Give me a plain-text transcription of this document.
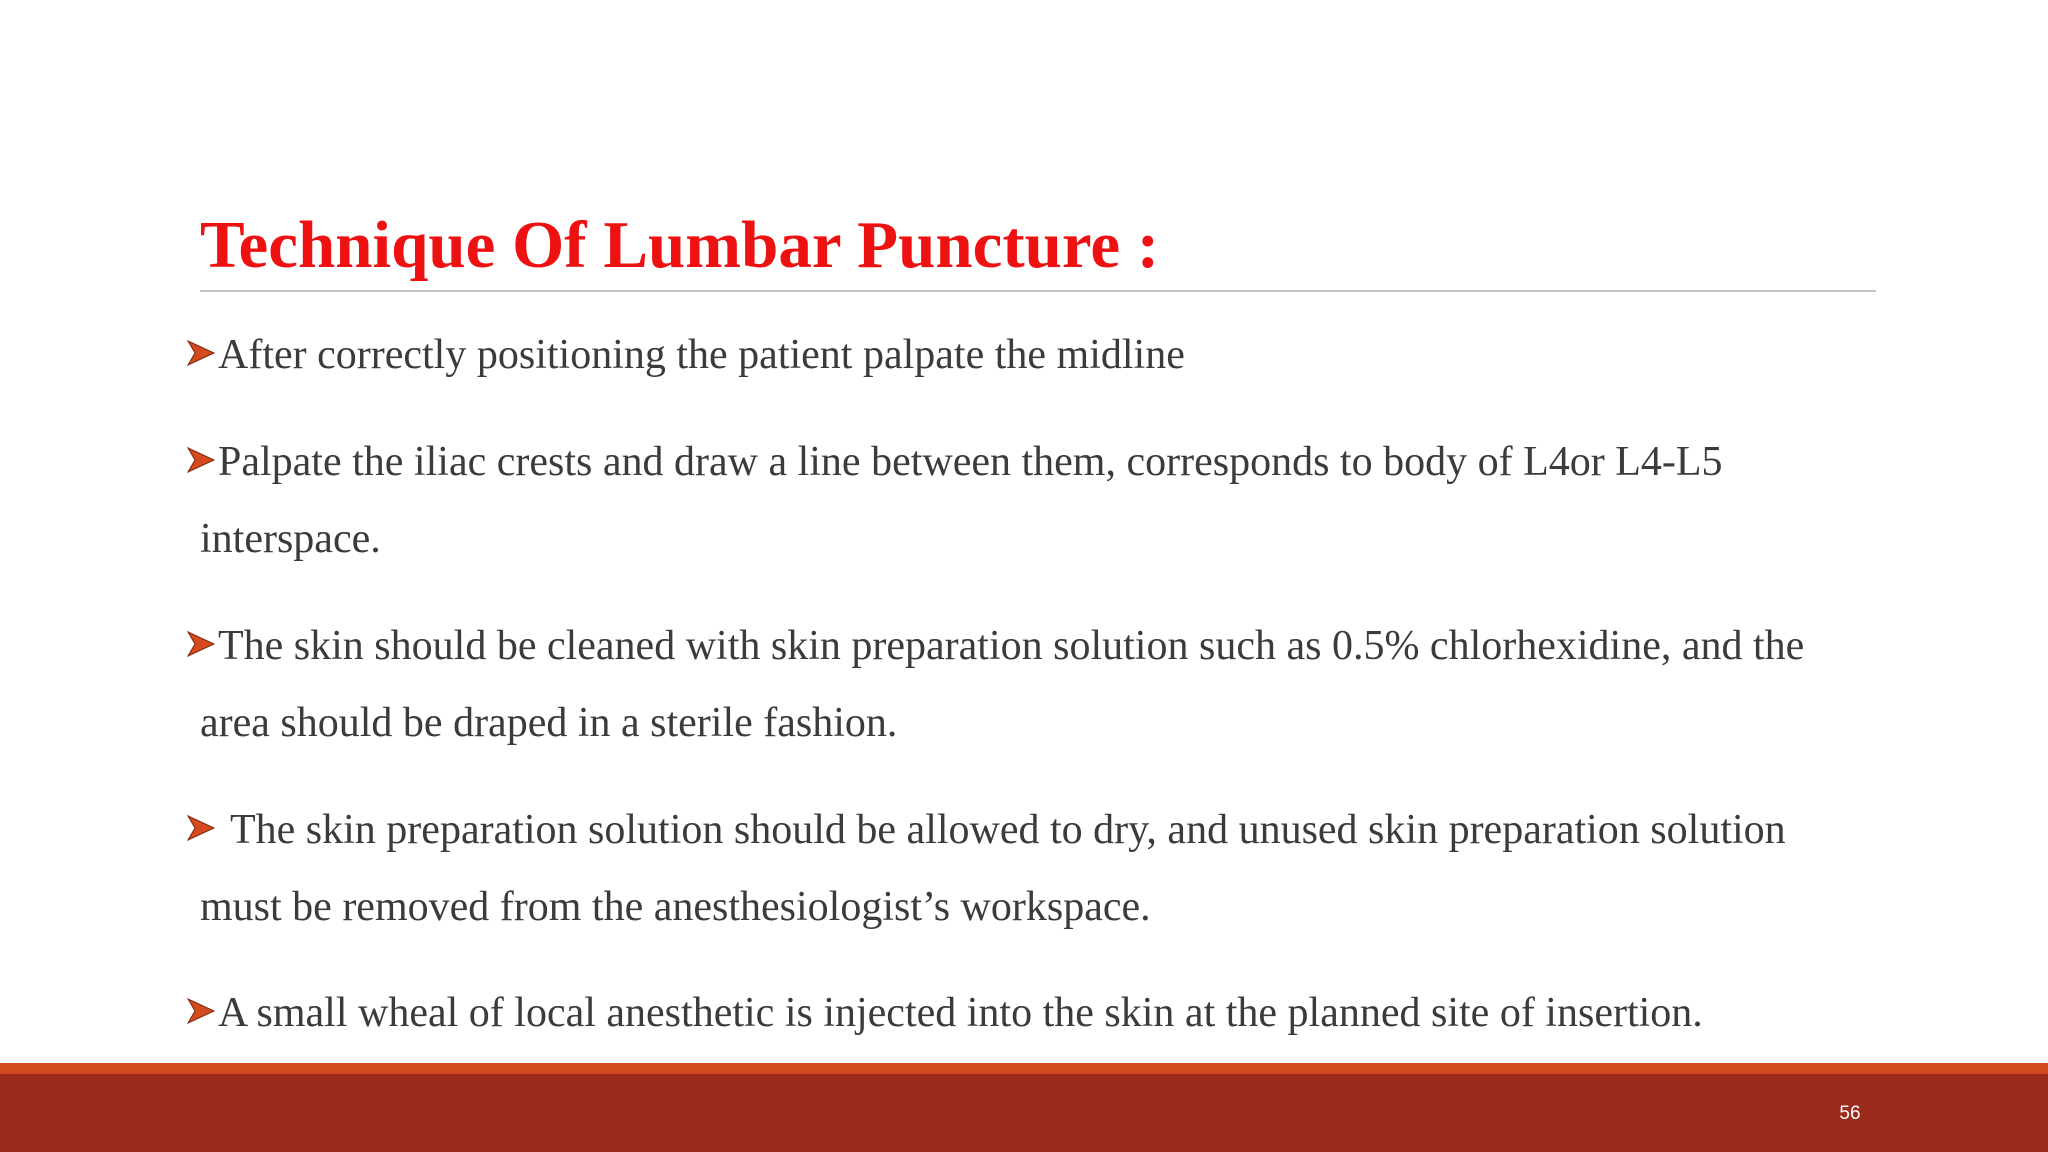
Technique Of Lumbar Puncture :
After correctly positioning the patient palpate the midline
Palpate the iliac crests and draw a line between them, corresponds to body of L4or L4-L5
interspace.
The skin should be cleaned with skin preparation solution such as 0.5% chlorhexidine, and the
area should be draped in a sterile fashion.
The skin preparation solution should be allowed to dry, and unused skin preparation solution
must be removed from the anesthesiologist’s workspace.
A small wheal of local anesthetic is injected into the skin at the planned site of insertion.
56
